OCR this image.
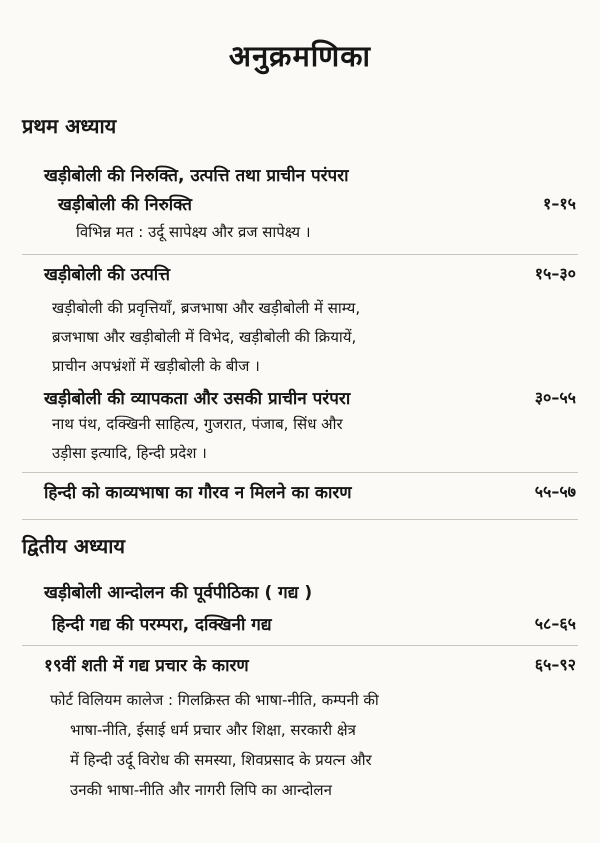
अनुक्रमणिका
प्रथम अध्याय
खड़ीबोली की निरुक्ति, उत्पत्ति तथा प्राचीन परंपरा
खड़ीबोली की निरुक्ति	१–१५
विभिन्न मत : उर्दू सापेक्ष्य और व्रज सापेक्ष्य ।
खड़ीबोली की उत्पत्ति	१५–३०
खड़ीबोली की प्रवृत्तियाँ, ब्रजभाषा और खड़ीबोली में साम्य,
ब्रजभाषा और खड़ीबोली में विभेद, खड़ीबोली की क्रियायें,
प्राचीन अपभ्रंशों में खड़ीबोली के बीज ।
खड़ीबोली की व्यापकता और उसकी प्राचीन परंपरा	३०–५५
नाथ पंथ, दक्खिनी साहित्य, गुजरात, पंजाब, सिंध और
उड़ीसा इत्यादि, हिन्दी प्रदेश ।
हिन्दी को काव्यभाषा का गौरव न मिलने का कारण	५५–५७
द्वितीय अध्याय
खड़ीबोली आन्दोलन की पूर्वपीठिका ( गद्य )
हिन्दी गद्य की परम्परा, दक्खिनी गद्य	५८–६५
१९वीं शती में गद्य प्रचार के कारण	६५–९२
फोर्ट विलियम कालेज : गिलक्रिस्त की भाषा-नीति, कम्पनी की
भाषा-नीति, ईसाई धर्म प्रचार और शिक्षा, सरकारी क्षेत्र
में हिन्दी उर्दू विरोध की समस्या, शिवप्रसाद के प्रयत्न और
उनकी भाषा-नीति और नागरी लिपि का आन्दोलन
